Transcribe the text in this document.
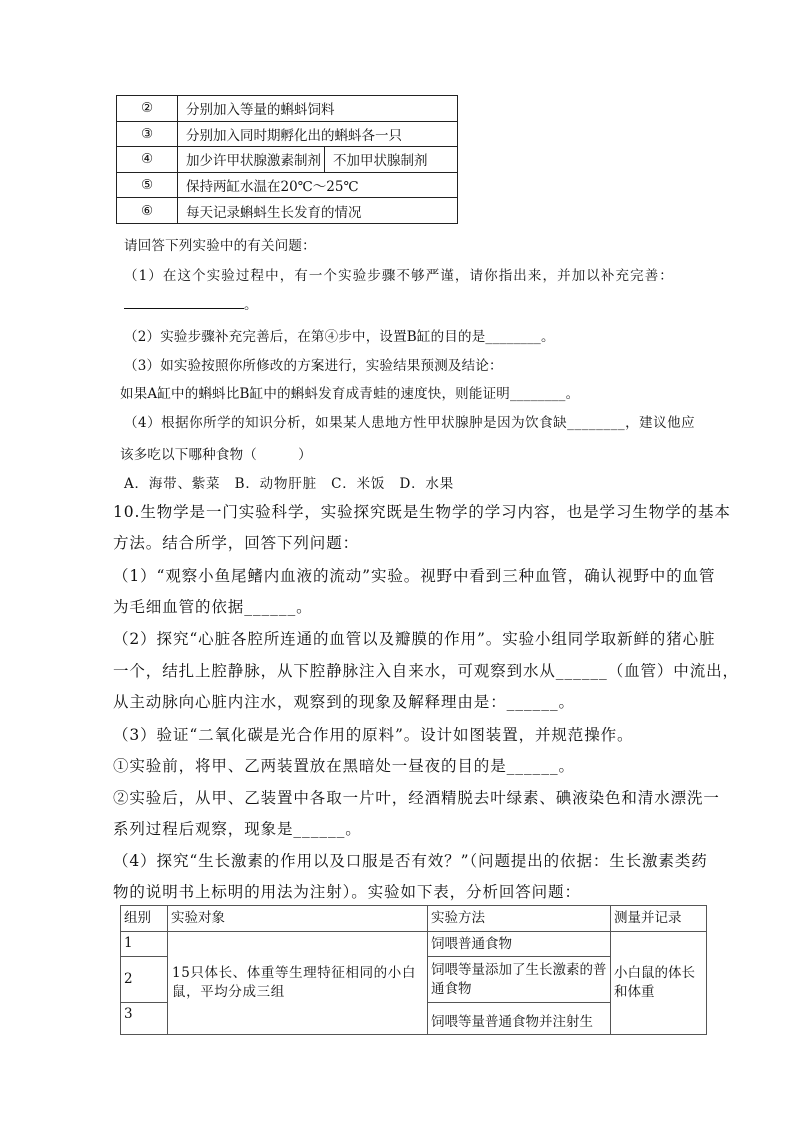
②	分别加入等量的蝌蚪饲料
③	分别加入同时期孵化出的蝌蚪各一只
④	加少许甲状腺激素制剂 不加甲状腺制剂

⑤	保持两缸水温在20℃～25℃
⑥	每天记录蝌蚪生长发育的情况
请回答下列实验中的有关问题：
（1）在这个实验过程中，有一个实验步骤不够严谨，请你指出来，并加以补充完善：
。
（2）实验步骤补充完善后，在第④步中，设置B缸的目的是________。
（3）如实验按照你所修改的方案进行，实验结果预测及结论：
如果A缸中的蝌蚪比B缸中的蝌蚪发育成青蛙的速度快，则能证明________。
（4）根据你所学的知识分析，如果某人患地方性甲状腺肿是因为饮食缺________，建议他应
该多吃以下哪种食物（　　　）
A．海带、紫菜　B．动物肝脏　C．米饭　D．水果
10.生物学是一门实验科学，实验探究既是生物学的学习内容，也是学习生物学的基本
方法。结合所学，回答下列问题：
（1）“观察小鱼尾鳍内血液的流动”实验。视野中看到三种血管，确认视野中的血管
为毛细血管的依据______。
（2）探究“心脏各腔所连通的血管以及瓣膜的作用”。实验小组同学取新鲜的猪心脏
一个，结扎上腔静脉，从下腔静脉注入自来水，可观察到水从______（血管）中流出，
从主动脉向心脏内注水，观察到的现象及解释理由是：______。
（3）验证“二氧化碳是光合作用的原料”。设计如图装置，并规范操作。
①实验前，将甲、乙两装置放在黑暗处一昼夜的目的是______。
②实验后，从甲、乙装置中各取一片叶，经酒精脱去叶绿素、碘液染色和清水漂洗一
系列过程后观察，现象是______。
（4）探究“生长激素的作用以及口服是否有效？”（问题提出的依据：生长激素类药
物的说明书上标明的用法为注射）。实验如下表，分析回答问题：
组别	实验对象	实验方法	测量并记录
1	15只体长、体重等生理特征相同的小白鼠，平均分成三组	饲喂普通食物	小白鼠的体长和体重
2		饲喂等量添加了生长激素的普通食物	
3		饲喂等量普通食物并注射生	
